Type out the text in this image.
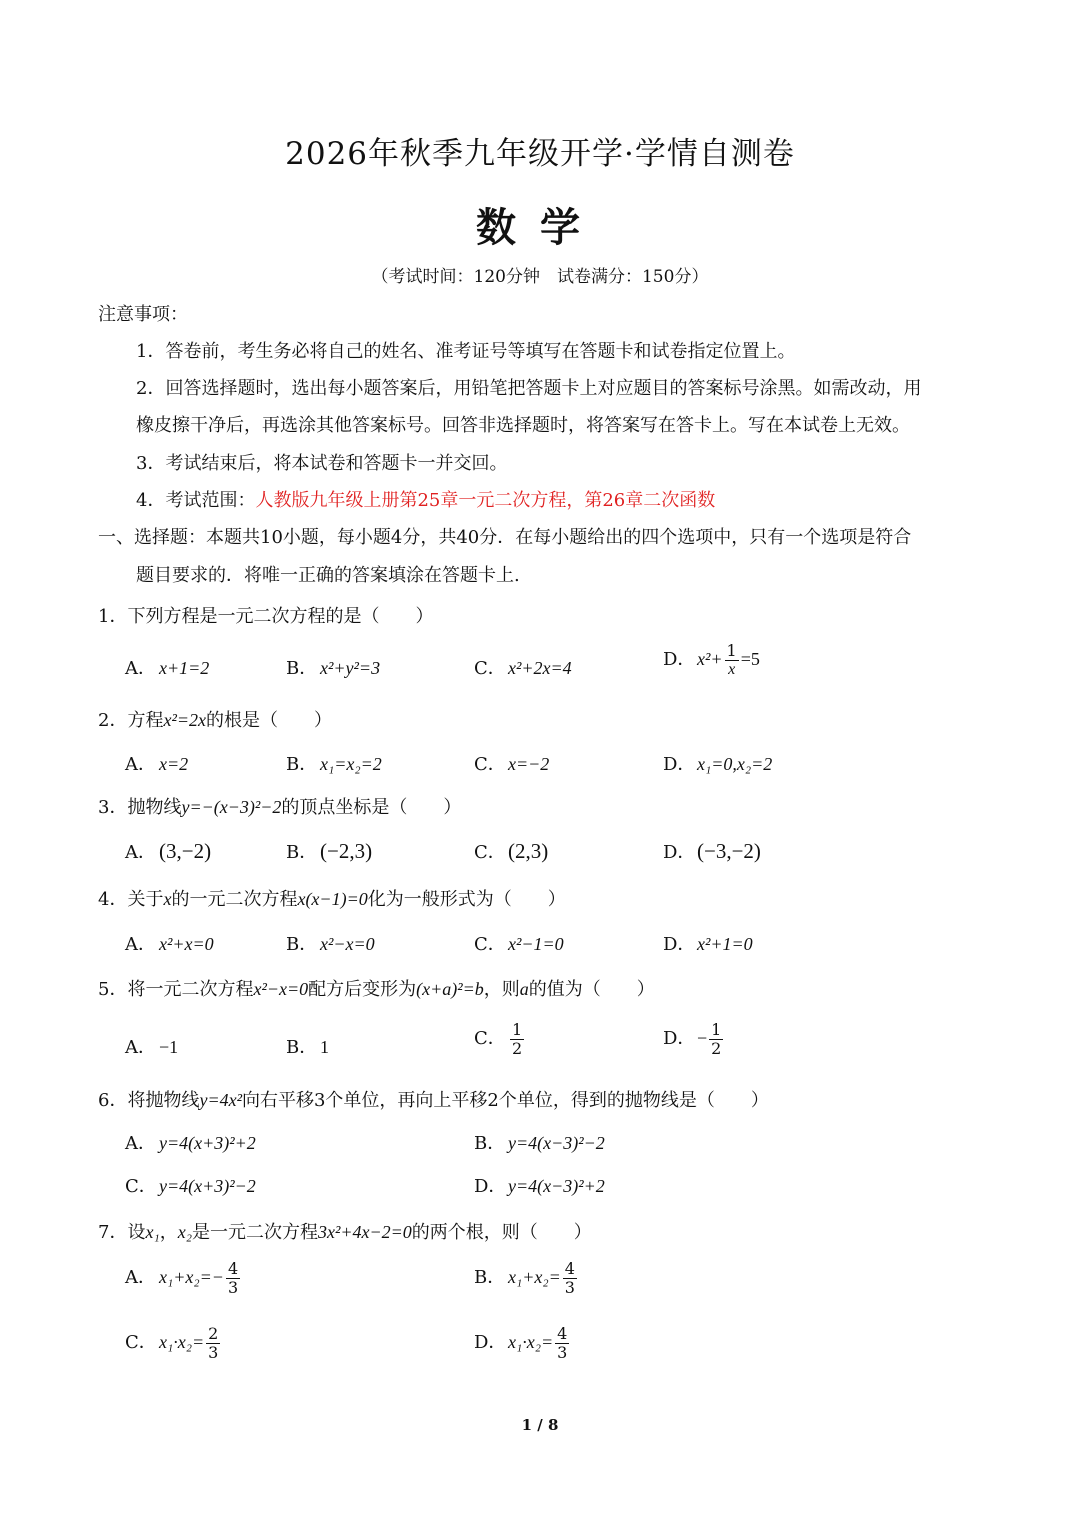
2026年秋季九年级开学·学情自测卷
数学
（考试时间：120分钟　试卷满分：150分）
注意事项：
1．答卷前，考生务必将自己的姓名、准考证号等填写在答题卡和试卷指定位置上。
2．回答选择题时，选出每小题答案后，用铅笔把答题卡上对应题目的答案标号涂黑。如需改动，用
橡皮擦干净后，再选涂其他答案标号。回答非选择题时，将答案写在答卡上。写在本试卷上无效。
3．考试结束后，将本试卷和答题卡一并交回。
4．考试范围：人教版九年级上册第25章一元二次方程，第26章二次函数
一、选择题：本题共10小题，每小题4分，共40分．在每小题给出的四个选项中，只有一个选项是符合
题目要求的．将唯一正确的答案填涂在答题卡上.
1．下列方程是一元二次方程的是（　　）
A． x+1=2	B． x²+y²=3	C． x²+2x=4	D．$x^2+ \frac{1}{x} =5$
2．方程x²=2x的根是（　　）
A． x=2	B． x₁=x₂=2	C． x=−2	D．x₁=0,x₂=2
3．抛物线y=−(x−3)²−2的顶点坐标是（　　）
A． (3,−2)	B． (−2,3)	C． (2,3)	D．(−3,−2)
4．关于x的一元二次方程x(x−1)=0化为一般形式为（　　）
A． x²+x=0	B． x²−x=0	C． x²−1=0	D．x²+1=0
5．将一元二次方程x²−x=0配方后变形为(x+a)²=b，则a的值为（　　）
A． −1	B． 1	C． $\frac{1}{2}$	D．− $\frac{1}{2}$
6．将抛物线y=4x²向右平移3个单位，再向上平移2个单位，得到的抛物线是（　　）
A． y=4(x+3)²+2	B． y=4(x−3)²−2
C． y=4(x+3)²−2	D．y=4(x−3)²+2
7．设x₁，x₂是一元二次方程3x²+4x−2=0的两个根，则（　　）
A． $x_1+x_2=- \frac{4}{3}$	B． $x_1+x_2= \frac{4}{3}$
C． $x_1\cdot x_2= \frac{2}{3}$	D．$x_1\cdot x_2= \frac{4}{3}$
1 / 8
